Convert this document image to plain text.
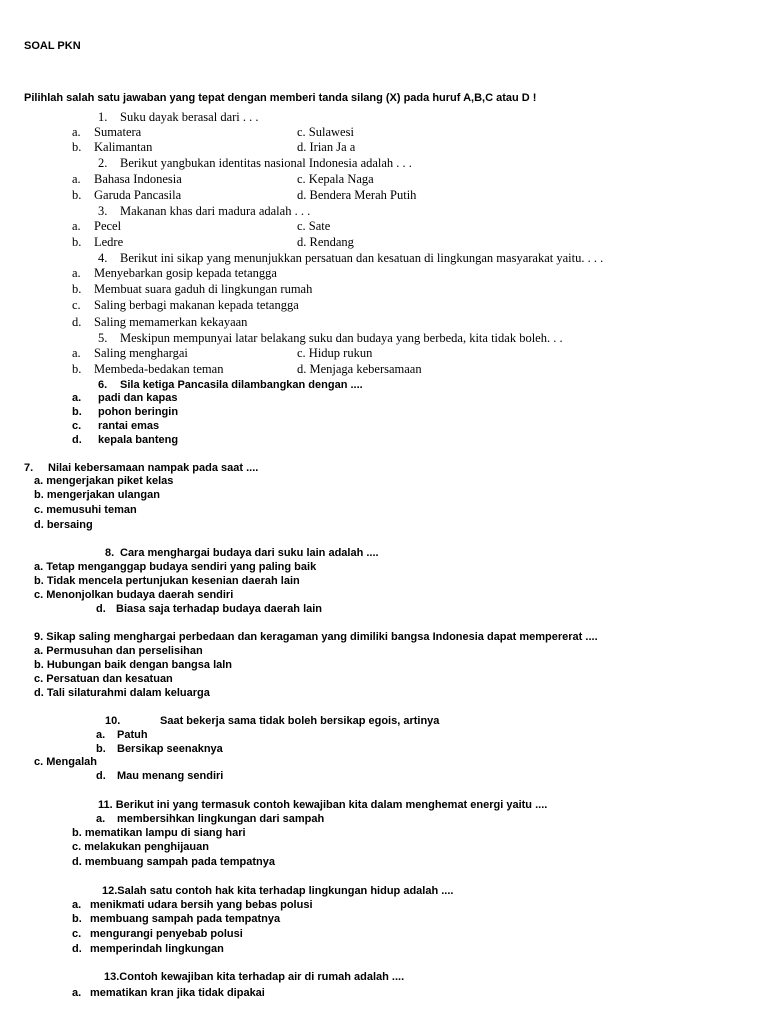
SOAL PKN
Pilihlah salah satu jawaban yang tepat dengan memberi tanda silang (X) pada huruf A,B,C atau D !
1. Suku dayak berasal dari . . .
a. Sumatera	c. Sulawesi
b. Kalimantan	d. Irian Ja a
2. Berikut yangbukan identitas nasional Indonesia adalah . . .
a. Bahasa Indonesia	c. Kepala Naga
b. Garuda Pancasila	d. Bendera Merah Putih
3. Makanan khas dari madura adalah . . .
a. Pecel	c. Sate
b. Ledre	d. Rendang
4. Berikut ini sikap yang menunjukkan persatuan dan kesatuan di lingkungan masyarakat yaitu. . . .
a. Menyebarkan gosip kepada tetangga
b. Membuat suara gaduh di lingkungan rumah
c. Saling berbagi makanan kepada tetangga
d. Saling memamerkan kekayaan
5. Meskipun mempunyai latar belakang suku dan budaya yang berbeda, kita tidak boleh. . .
a. Saling menghargai	c. Hidup rukun
b. Membeda-bedakan teman	d. Menjaga kebersamaan
6. Sila ketiga Pancasila dilambangkan dengan ....
a. padi dan kapas
b. pohon beringin
c. rantai emas
d. kepala banteng
7. Nilai kebersamaan nampak pada saat ....
a. mengerjakan piket kelas
b. mengerjakan ulangan
c. memusuhi teman
d. bersaing
8. Cara menghargai budaya dari suku lain adalah ....
a. Tetap menganggap budaya sendiri yang paling baik
b. Tidak mencela pertunjukan kesenian daerah lain
c. Menonjolkan budaya daerah sendiri
d. Biasa saja terhadap budaya daerah lain
9. Sikap saling menghargai perbedaan dan keragaman yang dimiliki bangsa Indonesia dapat mempererat ....
a. Permusuhan dan perselisihan
b. Hubungan baik dengan bangsa laln
c. Persatuan dan kesatuan
d. Tali silaturahmi dalam keluarga
10.	Saat bekerja sama tidak boleh bersikap egois, artinya
a. Patuh
b. Bersikap seenaknya
c. Mengalah
d. Mau menang sendiri
11. Berikut ini yang termasuk contoh kewajiban kita dalam menghemat energi yaitu ....
a. membersihkan lingkungan dari sampah
b. mematikan lampu di siang hari
c. melakukan penghijauan
d. membuang sampah pada tempatnya
12.Salah satu contoh hak kita terhadap lingkungan hidup adalah ....
a. menikmati udara bersih yang bebas polusi
b. membuang sampah pada tempatnya
c. mengurangi penyebab polusi
d. memperindah lingkungan
13.Contoh kewajiban kita terhadap air di rumah adalah ....
a. mematikan kran jika tidak dipakai
